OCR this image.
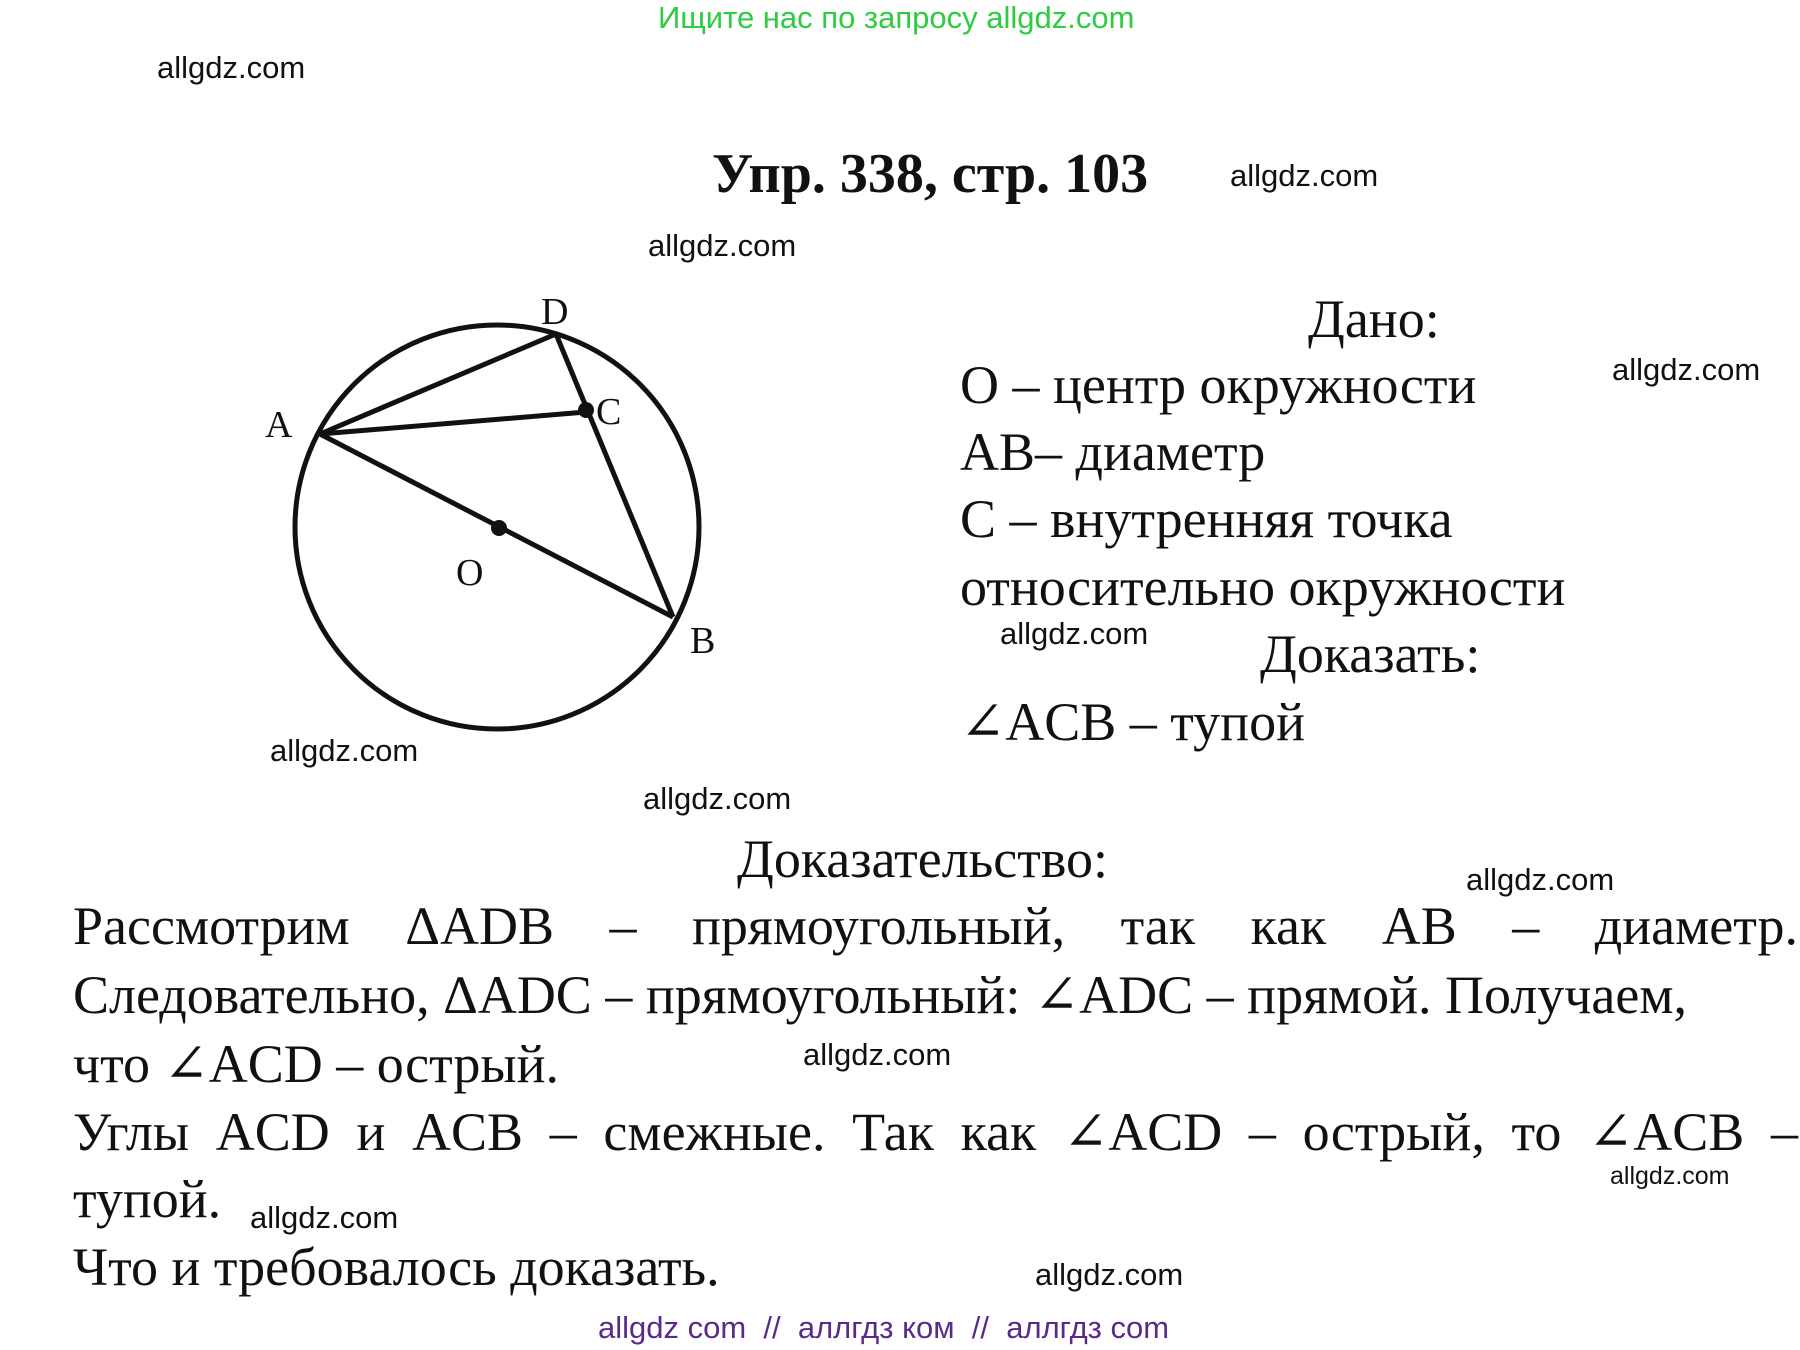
Ищите нас по запросу allgdz.com
Упр. 338, стр. 103
allgdz.com
allgdz.com
allgdz.com
allgdz.com
allgdz.com
allgdz.com
allgdz.com
allgdz.com
allgdz.com
allgdz.com
allgdz.com
allgdz.com
A
D
C
O
B
Дано:
O – центр окружности
AB– диаметр
C – внутренняя точка
относительно окружности
Доказать:
∠ACB – тупой
Доказательство:
Рассмотрим ΔADB – прямоугольный, так как AB – диаметр.
Следовательно, ΔADC – прямоугольный: ∠ADC – прямой. Получаем,
что ∠ACD – острый.
Углы ACD и ACB – смежные. Так как ∠ACD – острый, то ∠ACB –
тупой.
Что и требовалось доказать.
allgdz com  //  аллгдз ком  //  аллгдз com
